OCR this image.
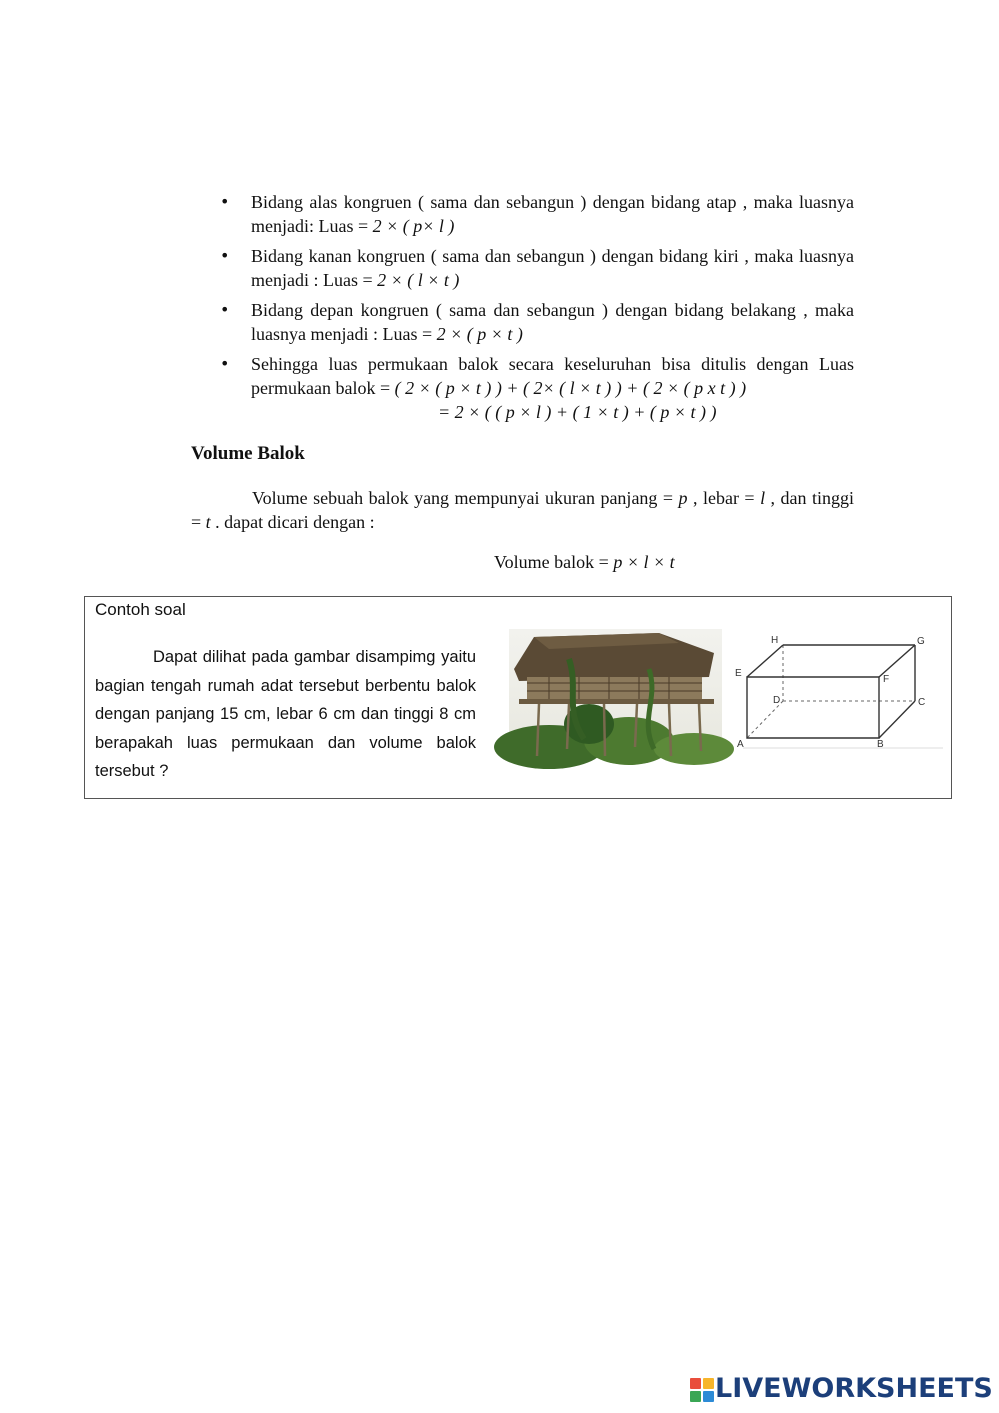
• Bidang alas kongruen ( sama dan sebangun ) dengan bidang atap , maka luasnya menjadi: Luas = 2 × ( p× l )
• Bidang kanan kongruen ( sama dan sebangun ) dengan bidang kiri , maka luasnya menjadi : Luas = 2 × ( l × t )
• Bidang depan kongruen ( sama dan sebangun ) dengan bidang belakang , maka luasnya menjadi : Luas = 2 × ( p × t )
• Sehingga luas permukaan balok secara keseluruhan bisa ditulis dengan Luas permukaan balok = ( 2 × ( p × t ) ) + ( 2× ( l × t ) ) + ( 2 × ( p x t ) )
= 2 × ( ( p × l ) + ( 1 × t ) + ( p × t ) )
Volume Balok

Volume sebuah balok yang mempunyai ukuran panjang = p , lebar = l , dan tinggi = t . dapat dicari dengan :

Volume balok = p × l × t

Contoh soal

Dapat dilihat pada gambar disampimg yaitu bagian tengah rumah adat tersebut berbentu balok dengan panjang 15 cm, lebar 6 cm dan tinggi 8 cm berapakah luas permukaan dan volume balok tersebut ?

A	B
C
D
E
F
G
H
LIVEWORKSHEETS
